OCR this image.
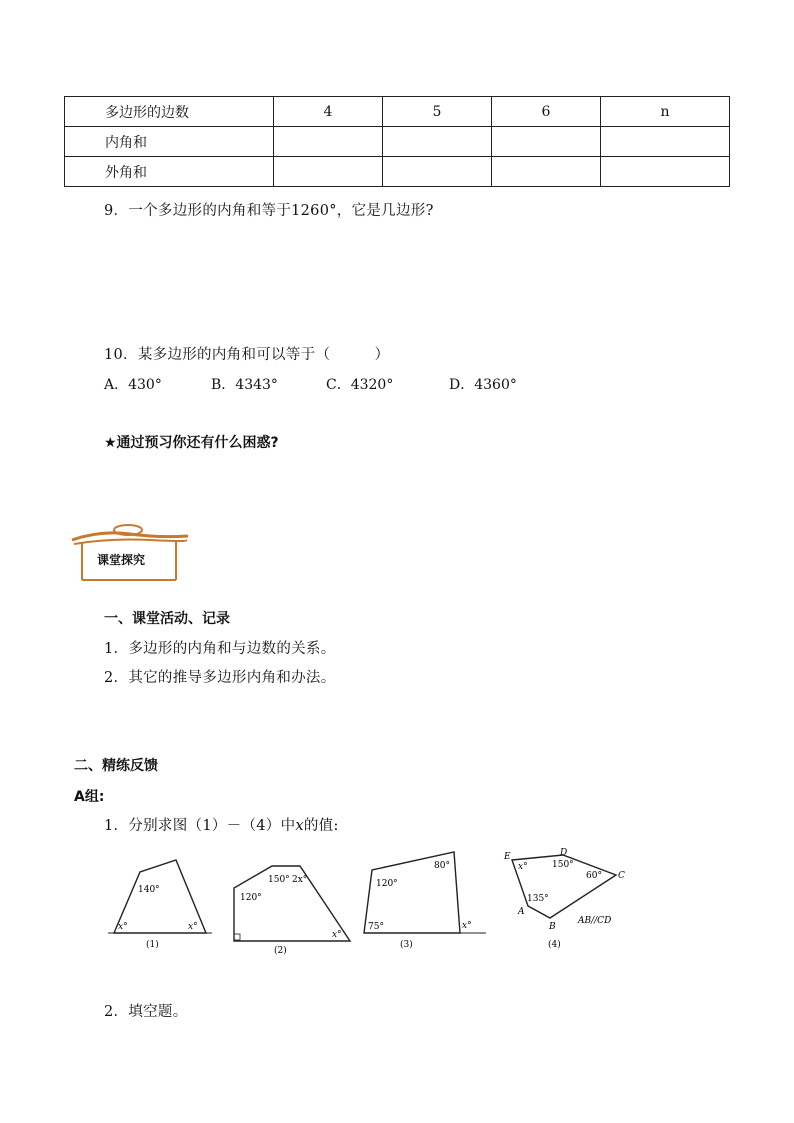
多边形的边数	4	5	6	n
内角和				
外角和				
9．一个多边形的内角和等于1260°，它是几边形?
10．某多边形的内角和可以等于（　　　）
A．430°	B．4343°	C．4320°	D．4360°
★通过预习你还有什么困惑?
课堂探究
一、课堂活动、记录
1．多边形的内角和与边数的关系。
2．其它的推导多边形内角和办法。
二、精练反馈
A组:
1．分别求图（1）－（4）中x的值:
140°
x°	x°
(1)
150° 2x°
120°
x°
(2)
120°
80°
75°	x°
(3)
D
E
C
A
B
150°
60°
135°
x°
AB//CD
(4)
2．填空题。
